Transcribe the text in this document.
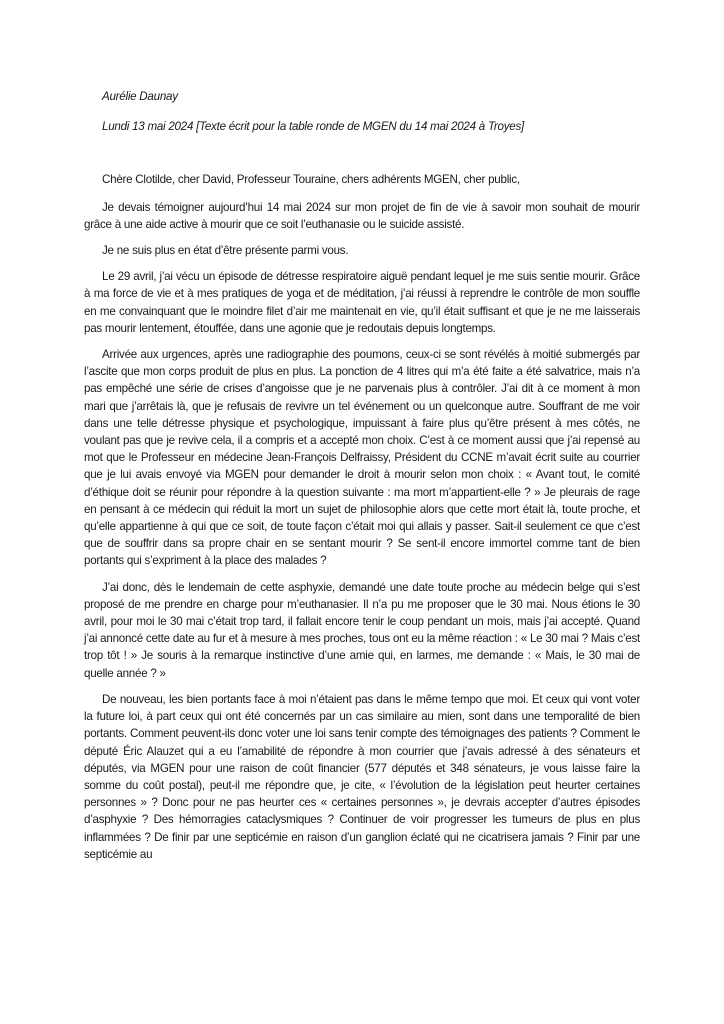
Aurélie Daunay

Lundi 13 mai 2024 [Texte écrit pour la table ronde de MGEN du 14 mai 2024 à Troyes]

Chère Clotilde, cher David, Professeur Touraine, chers adhérents MGEN, cher public,

Je devais témoigner aujourd’hui 14 mai 2024 sur mon projet de fin de vie à savoir mon souhait de mourir grâce à une aide active à mourir que ce soit l’euthanasie ou le suicide assisté.

Je ne suis plus en état d’être présente parmi vous.

Le 29 avril, j’ai vécu un épisode de détresse respiratoire aiguë pendant lequel je me suis sentie mourir. Grâce à ma force de vie et à mes pratiques de yoga et de méditation, j’ai réussi à reprendre le contrôle de mon souffle en me convainquant que le moindre filet d’air me maintenait en vie, qu’il était suffisant et que je ne me laisserais pas mourir lentement, étouffée, dans une agonie que je redoutais depuis longtemps.

Arrivée aux urgences, après une radiographie des poumons, ceux-ci se sont révélés à moitié submergés par l’ascite que mon corps produit de plus en plus. La ponction de 4 litres qui m’a été faite a été salvatrice, mais n’a pas empêché une série de crises d’angoisse que je ne parvenais plus à contrôler. J’ai dit à ce moment à mon mari que j’arrêtais là, que je refusais de revivre un tel événement ou un quelconque autre. Souffrant de me voir dans une telle détresse physique et psychologique, impuissant à faire plus qu’être présent à mes côtés, ne voulant pas que je revive cela, il a compris et a accepté mon choix. C’est à ce moment aussi que j’ai repensé au mot que le Professeur en médecine Jean-François Delfraissy, Président du CCNE m’avait écrit suite au courrier que je lui avais envoyé via MGEN pour demander le droit à mourir selon mon choix : « Avant tout, le comité d’éthique doit se réunir pour répondre à la question suivante : ma mort m’appartient-elle ? » Je pleurais de rage en pensant à ce médecin qui réduit la mort un sujet de philosophie alors que cette mort était là, toute proche, et qu’elle appartienne à qui que ce soit, de toute façon c’était moi qui allais y passer. Sait-il seulement ce que c’est que de souffrir dans sa propre chair en se sentant mourir ? Se sent-il encore immortel comme tant de bien portants qui s’expriment à la place des malades ?

J’ai donc, dès le lendemain de cette asphyxie, demandé une date toute proche au médecin belge qui s’est proposé de me prendre en charge pour m’euthanasier. Il n’a pu me proposer que le 30 mai. Nous étions le 30 avril, pour moi le 30 mai c’était trop tard, il fallait encore tenir le coup pendant un mois, mais j’ai accepté. Quand j’ai annoncé cette date au fur et à mesure à mes proches, tous ont eu la même réaction : « Le 30 mai ? Mais c’est trop tôt ! » Je souris à la remarque instinctive d’une amie qui, en larmes, me demande : « Mais, le 30 mai de quelle année ? »

De nouveau, les bien portants face à moi n’étaient pas dans le même tempo que moi. Et ceux qui vont voter la future loi, à part ceux qui ont été concernés par un cas similaire au mien, sont dans une temporalité de bien portants. Comment peuvent-ils donc voter une loi sans tenir compte des témoignages des patients ? Comment le député Éric Alauzet qui a eu l’amabilité de répondre à mon courrier que j’avais adressé à des sénateurs et députés, via MGEN pour une raison de coût financier (577 députés et 348 sénateurs, je vous laisse faire la somme du coût postal), peut-il me répondre que, je cite, « l’évolution de la législation peut heurter certaines personnes » ? Donc pour ne pas heurter ces « certaines personnes », je devrais accepter d’autres épisodes d’asphyxie ? Des hémorragies cataclysmiques ? Continuer de voir progresser les tumeurs de plus en plus inflammées ? De finir par une septicémie en raison d’un ganglion éclaté qui ne cicatrisera jamais ? Finir par une septicémie au
